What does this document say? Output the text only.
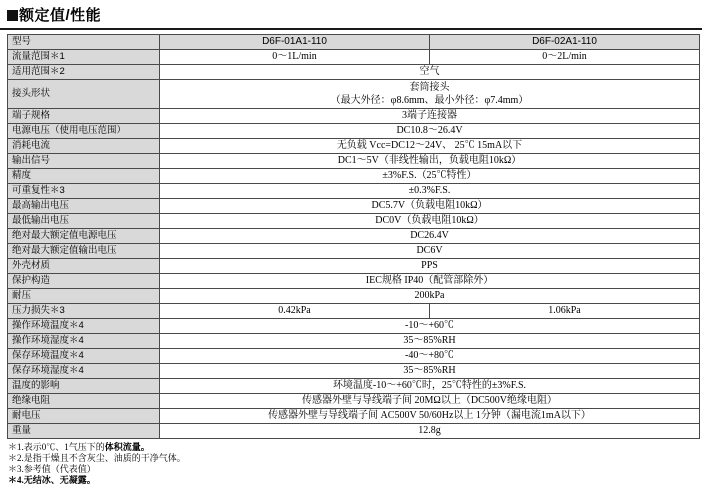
额定值/性能
型号	D6F-01A1-110	D6F-02A1-110
流量范围＊1	0～1L/min	0～2L/min
适用范围＊2	空气	
接头形状	套筒接头
（最大外径：φ8.6mm、最小外径：φ7.4mm）	

端子规格	3端子连接器	
电源电压（使用电压范围）	DC10.8～26.4V	
消耗电流	无负载 Vcc=DC12～24V、 25℃ 15mA以下	
输出信号	DC1～5V（非线性输出，负载电阻10kΩ）	
精度	±3%F.S.（25℃特性）	
可重复性＊3	±0.3%F.S.	
最高输出电压	DC5.7V（负载电阻10kΩ）	
最低输出电压	DC0V（负载电阻10kΩ）	
绝对最大额定值电源电压	DC26.4V	
绝对最大额定值输出电压	DC6V	
外壳材质	PPS	
保护构造	IEC规格 IP40（配管部除外）	
耐压	200kPa	
压力损失＊3	0.42kPa	1.06kPa
操作环境温度＊4	-10～+60℃	
操作环境湿度＊4	35～85%RH	
保存环境温度＊4	-40～+80℃	
保存环境湿度＊4	35～85%RH	
温度的影响	环境温度-10～+60℃时，25℃特性的±3%F.S.	
绝缘电阻	传感器外壁与导线端子间 20MΩ以上（DC500V绝缘电阻）	
耐电压	传感器外壁与导线端子间 AC500V 50/60Hz以上 1分钟（漏电流1mA以下）	
重量	12.8g	
＊1.表示0℃、1气压下的体积流量。
＊2.是指干燥且不含灰尘、油质的干净气体。
＊3.参考值（代表值）
＊4.无结冰、无凝露。
